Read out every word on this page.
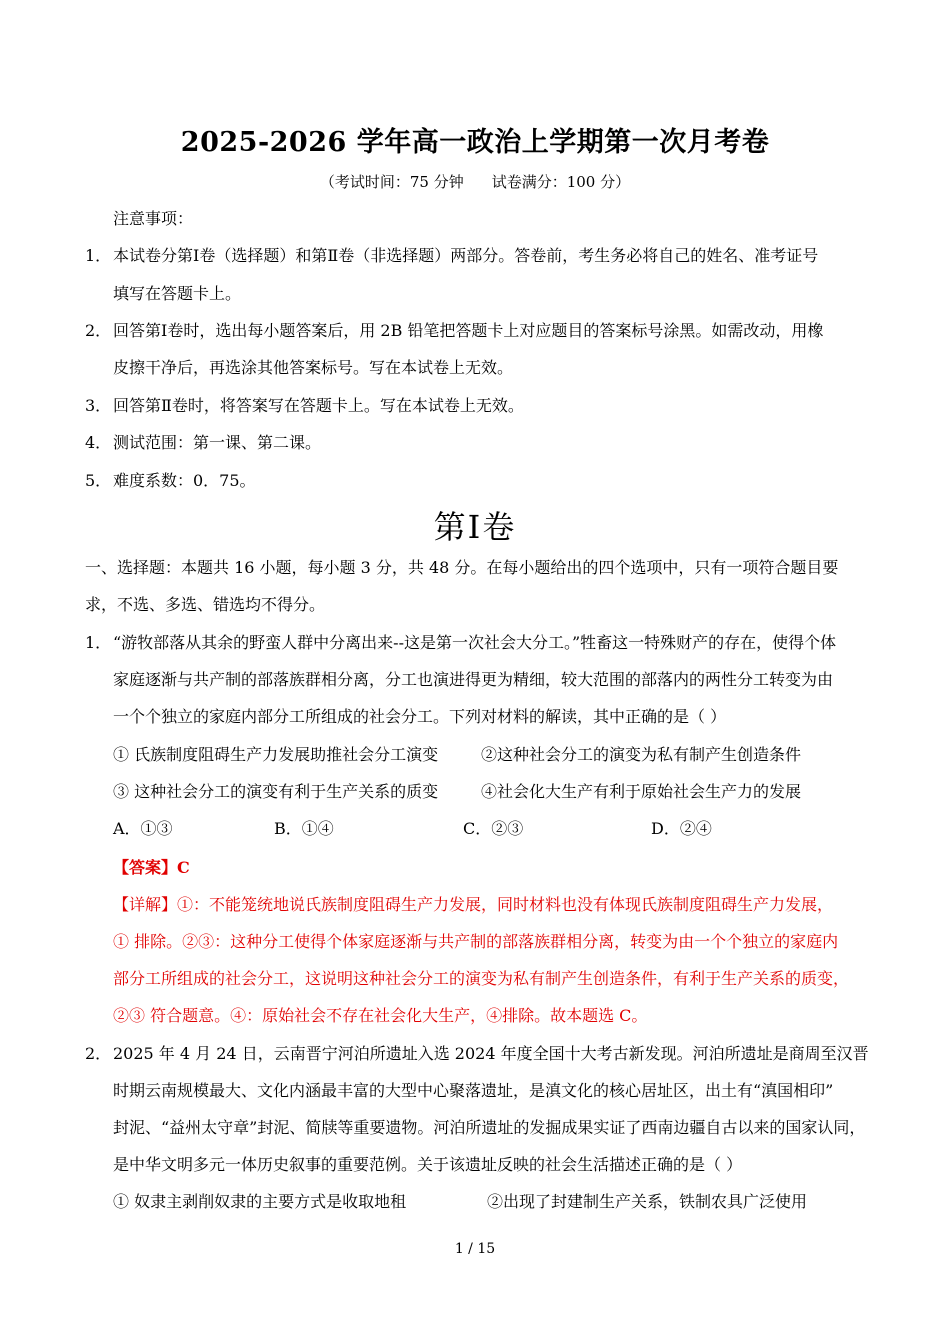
2025-2026 学年高一政治上学期第一次月考卷
（考试时间：75 分钟 试卷满分：100 分）
注意事项：
1． 本试卷分第Ⅰ卷（选择题）和第Ⅱ卷（非选择题）两部分。答卷前，考生务必将自己的姓名、准考证号
填写在答题卡上。
2． 回答第Ⅰ卷时，选出每小题答案后，用 2B 铅笔把答题卡上对应题目的答案标号涂黑。如需改动，用橡
皮擦干净后，再选涂其他答案标号。写在本试卷上无效。
3． 回答第Ⅱ卷时，将答案写在答题卡上。写在本试卷上无效。
4． 测试范围：第一课、第二课。
5． 难度系数：0．75。
第Ⅰ卷
一、选择题：本题共 16 小题，每小题 3 分，共 48 分。在每小题给出的四个选项中，只有一项符合题目要
求，不选、多选、错选均不得分。
1． “游牧部落从其余的野蛮人群中分离出来--这是第一次社会大分工。”牲畜这一特殊财产的存在，使得个体
家庭逐渐与共产制的部落族群相分离，分工也演进得更为精细，较大范围的部落内的两性分工转变为由
一个个独立的家庭内部分工所组成的社会分工。下列对材料的解读，其中正确的是（ ）
① 氏族制度阻碍生产力发展助推社会分工演变	②这种社会分工的演变为私有制产生创造条件
③ 这种社会分工的演变有利于生产关系的质变	④社会化大生产有利于原始社会生产力的发展
A．①③	B．①④	C．②③	D．②④
【答案】C
【详解】①：不能笼统地说氏族制度阻碍生产力发展，同时材料也没有体现氏族制度阻碍生产力发展，
① 排除。②③：这种分工使得个体家庭逐渐与共产制的部落族群相分离，转变为由一个个独立的家庭内
部分工所组成的社会分工，这说明这种社会分工的演变为私有制产生创造条件，有利于生产关系的质变，
②③ 符合题意。④：原始社会不存在社会化大生产，④排除。故本题选 C。
2． 2025 年 4 月 24 日，云南晋宁河泊所遗址入选 2024 年度全国十大考古新发现。河泊所遗址是商周至汉晋
时期云南规模最大、文化内涵最丰富的大型中心聚落遗址，是滇文化的核心居址区，出土有“滇国相印”
封泥、“益州太守章”封泥、简牍等重要遗物。河泊所遗址的发掘成果实证了西南边疆自古以来的国家认同，
是中华文明多元一体历史叙事的重要范例。关于该遗址反映的社会生活描述正确的是（ ）
① 奴隶主剥削奴隶的主要方式是收取地租	②出现了封建制生产关系，铁制农具广泛使用
1 / 15
